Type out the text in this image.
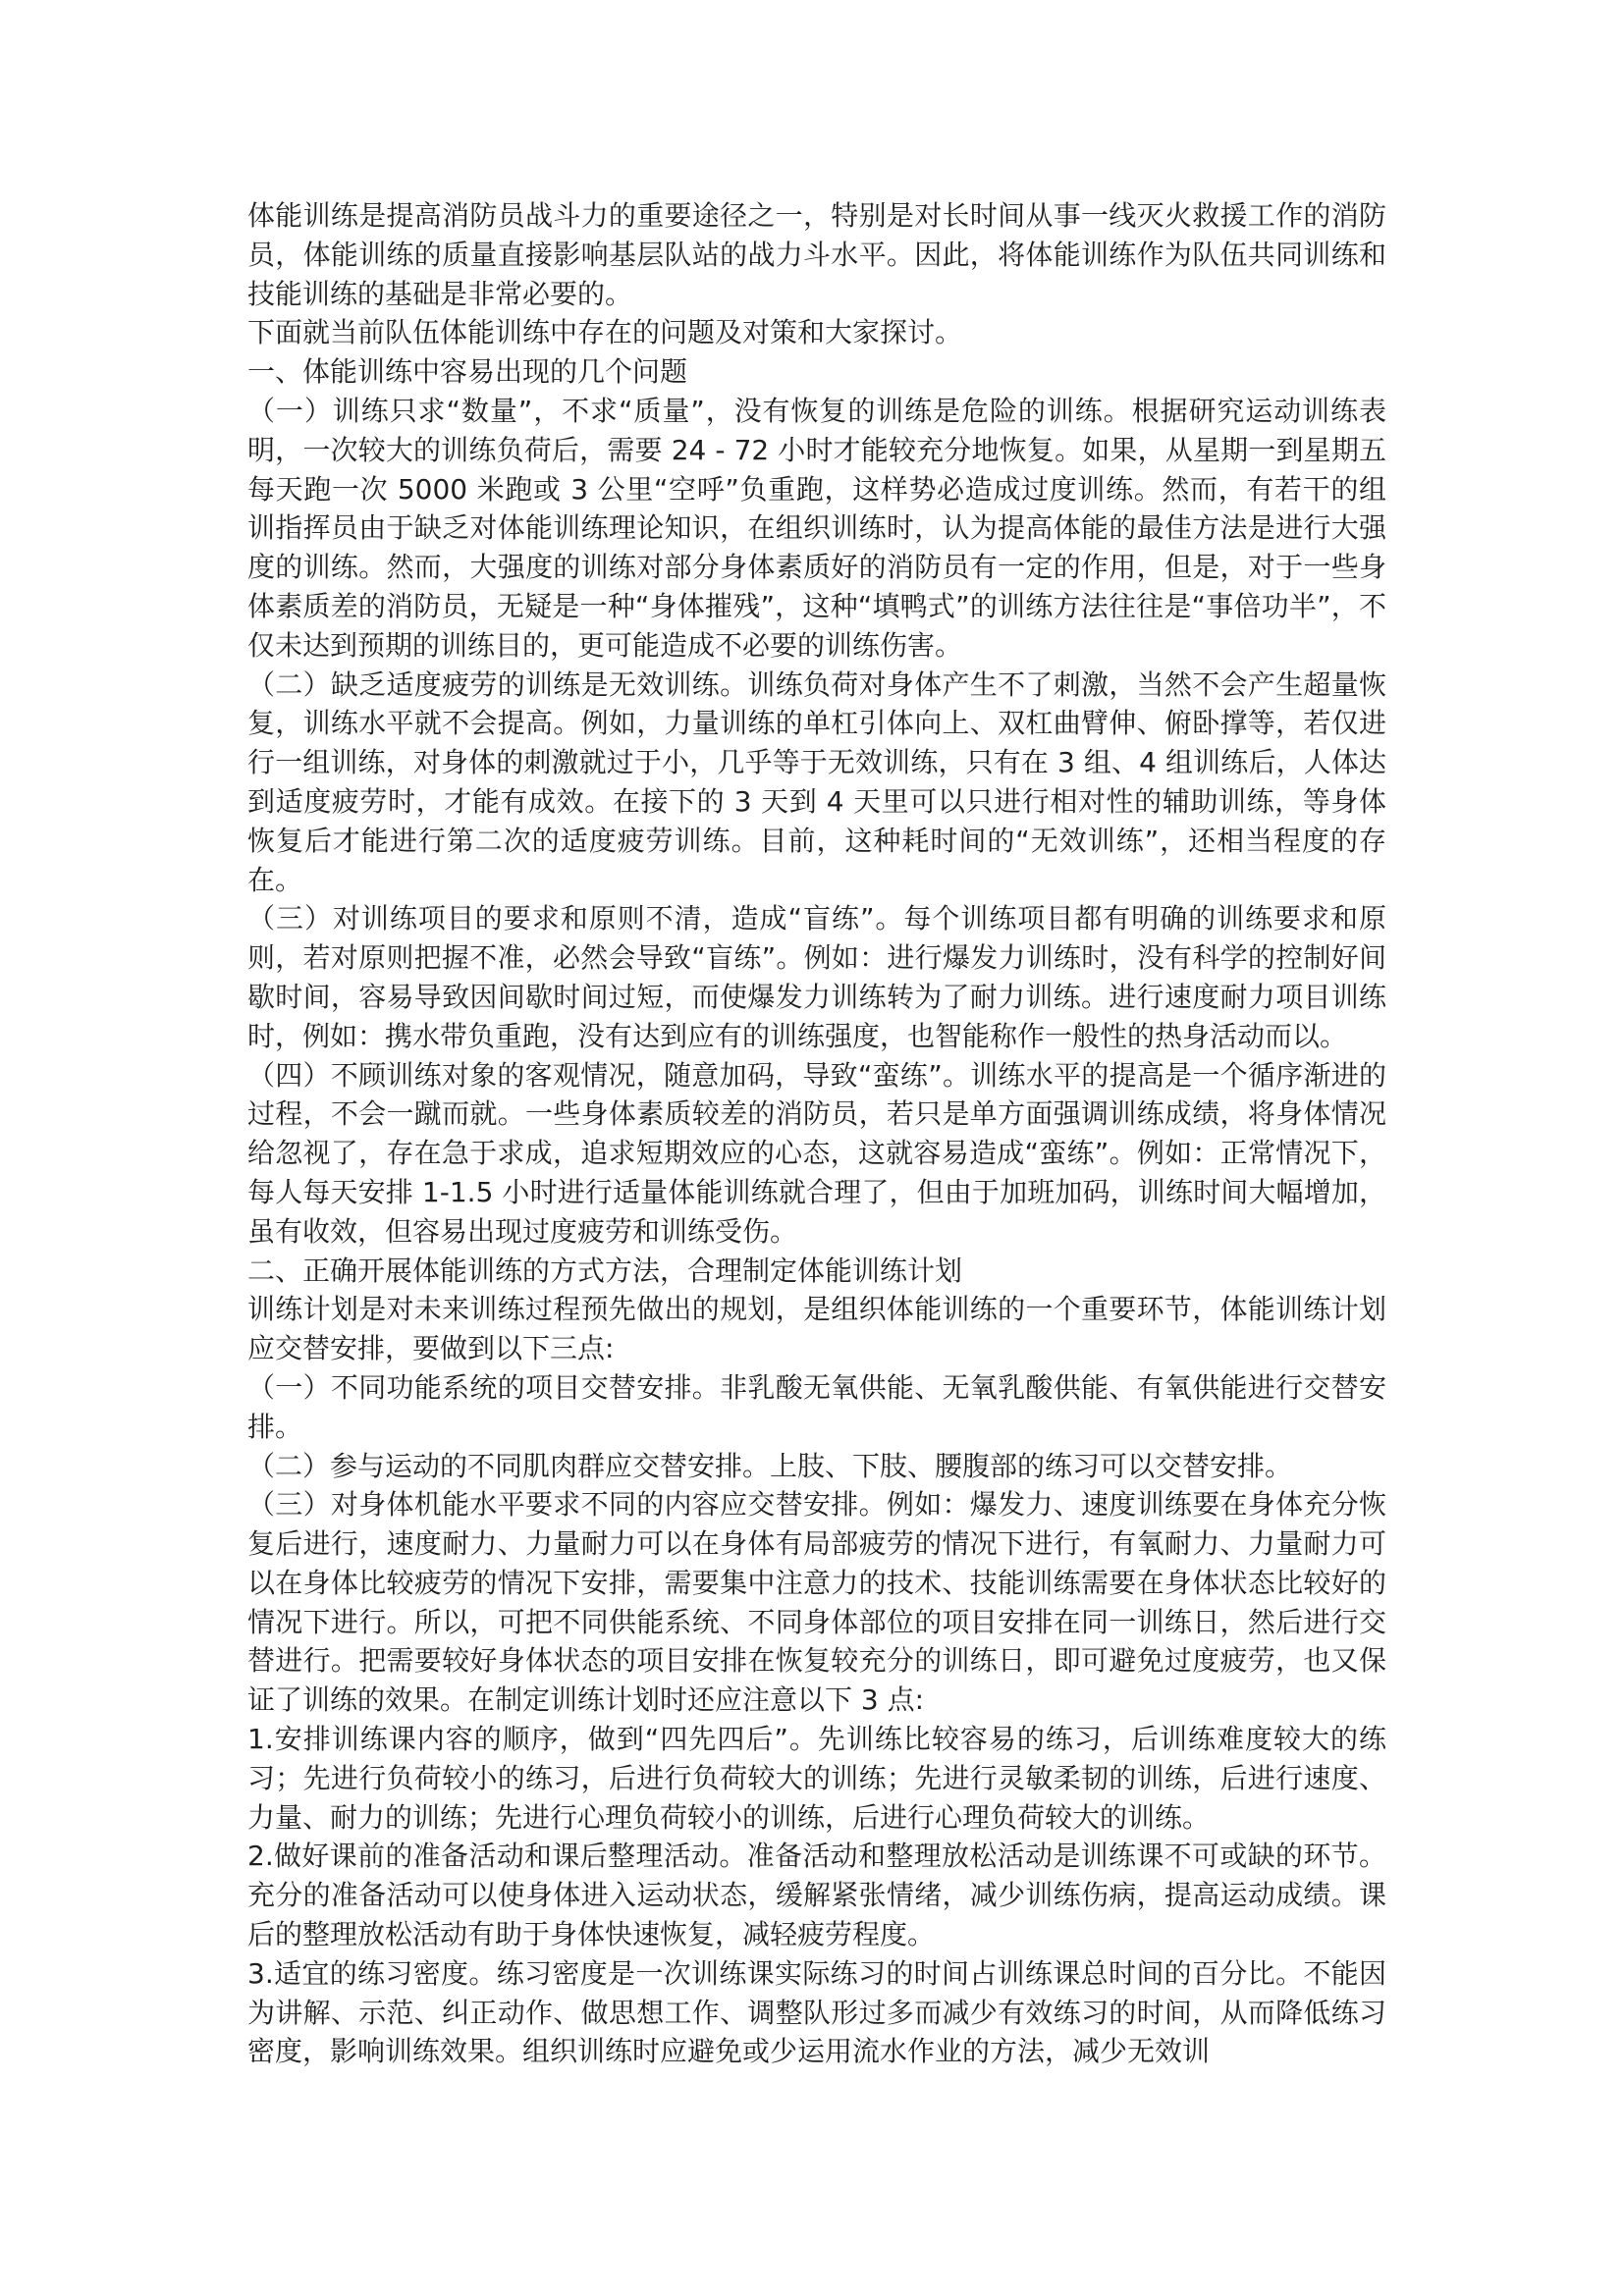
体能训练是提高消防员战斗力的重要途径之一，特别是对长时间从事一线灭火救援工作的消防员，体能训练的质量直接影响基层队站的战力斗水平。因此，将体能训练作为队伍共同训练和技能训练的基础是非常必要的。

下面就当前队伍体能训练中存在的问题及对策和大家探讨。

一、体能训练中容易出现的几个问题

（一）训练只求“数量”，不求“质量”，没有恢复的训练是危险的训练。根据研究运动训练表明，一次较大的训练负荷后，需要 24 - 72 小时才能较充分地恢复。如果，从星期一到星期五每天跑一次 5000 米跑或 3 公里“空呼”负重跑，这样势必造成过度训练。然而，有若干的组训指挥员由于缺乏对体能训练理论知识，在组织训练时，认为提高体能的最佳方法是进行大强度的训练。然而，大强度的训练对部分身体素质好的消防员有一定的作用，但是，对于一些身体素质差的消防员，无疑是一种“身体摧残”，这种“填鸭式”的训练方法往往是“事倍功半”，不仅未达到预期的训练目的，更可能造成不必要的训练伤害。

（二）缺乏适度疲劳的训练是无效训练。训练负荷对身体产生不了刺激，当然不会产生超量恢复，训练水平就不会提高。例如，力量训练的单杠引体向上、双杠曲臂伸、俯卧撑等，若仅进行一组训练，对身体的刺激就过于小，几乎等于无效训练，只有在 3 组、4 组训练后，人体达到适度疲劳时，才能有成效。在接下的 3 天到 4 天里可以只进行相对性的辅助训练，等身体恢复后才能进行第二次的适度疲劳训练。目前，这种耗时间的“无效训练”，还相当程度的存在。

（三）对训练项目的要求和原则不清，造成“盲练”。每个训练项目都有明确的训练要求和原则，若对原则把握不准，必然会导致“盲练”。例如：进行爆发力训练时，没有科学的控制好间歇时间，容易导致因间歇时间过短，而使爆发力训练转为了耐力训练。进行速度耐力项目训练时，例如：携水带负重跑，没有达到应有的训练强度，也智能称作一般性的热身活动而以。

（四）不顾训练对象的客观情况，随意加码，导致“蛮练”。训练水平的提高是一个循序渐进的过程，不会一蹴而就。一些身体素质较差的消防员，若只是单方面强调训练成绩，将身体情况给忽视了，存在急于求成，追求短期效应的心态，这就容易造成“蛮练”。例如：正常情况下，每人每天安排 1-1.5 小时进行适量体能训练就合理了，但由于加班加码，训练时间大幅增加，虽有收效，但容易出现过度疲劳和训练受伤。

二、正确开展体能训练的方式方法，合理制定体能训练计划

训练计划是对未来训练过程预先做出的规划，是组织体能训练的一个重要环节，体能训练计划应交替安排，要做到以下三点:

（一）不同功能系统的项目交替安排。非乳酸无氧供能、无氧乳酸供能、有氧供能进行交替安排。

（二）参与运动的不同肌肉群应交替安排。上肢、下肢、腰腹部的练习可以交替安排。

（三）对身体机能水平要求不同的内容应交替安排。例如：爆发力、速度训练要在身体充分恢复后进行，速度耐力、力量耐力可以在身体有局部疲劳的情况下进行，有氧耐力、力量耐力可以在身体比较疲劳的情况下安排，需要集中注意力的技术、技能训练需要在身体状态比较好的情况下进行。所以，可把不同供能系统、不同身体部位的项目安排在同一训练日，然后进行交替进行。把需要较好身体状态的项目安排在恢复较充分的训练日，即可避免过度疲劳，也又保证了训练的效果。在制定训练计划时还应注意以下 3 点:

1.安排训练课内容的顺序，做到“四先四后”。先训练比较容易的练习，后训练难度较大的练习；先进行负荷较小的练习，后进行负荷较大的训练；先进行灵敏柔韧的训练，后进行速度、力量、耐力的训练；先进行心理负荷较小的训练，后进行心理负荷较大的训练。

2.做好课前的准备活动和课后整理活动。准备活动和整理放松活动是训练课不可或缺的环节。充分的准备活动可以使身体进入运动状态，缓解紧张情绪，减少训练伤病，提高运动成绩。课后的整理放松活动有助于身体快速恢复，减轻疲劳程度。

3.适宜的练习密度。练习密度是一次训练课实际练习的时间占训练课总时间的百分比。不能因为讲解、示范、纠正动作、做思想工作、调整队形过多而减少有效练习的时间，从而降低练习密度，影响训练效果。组织训练时应避免或少运用流水作业的方法，减少无效训
